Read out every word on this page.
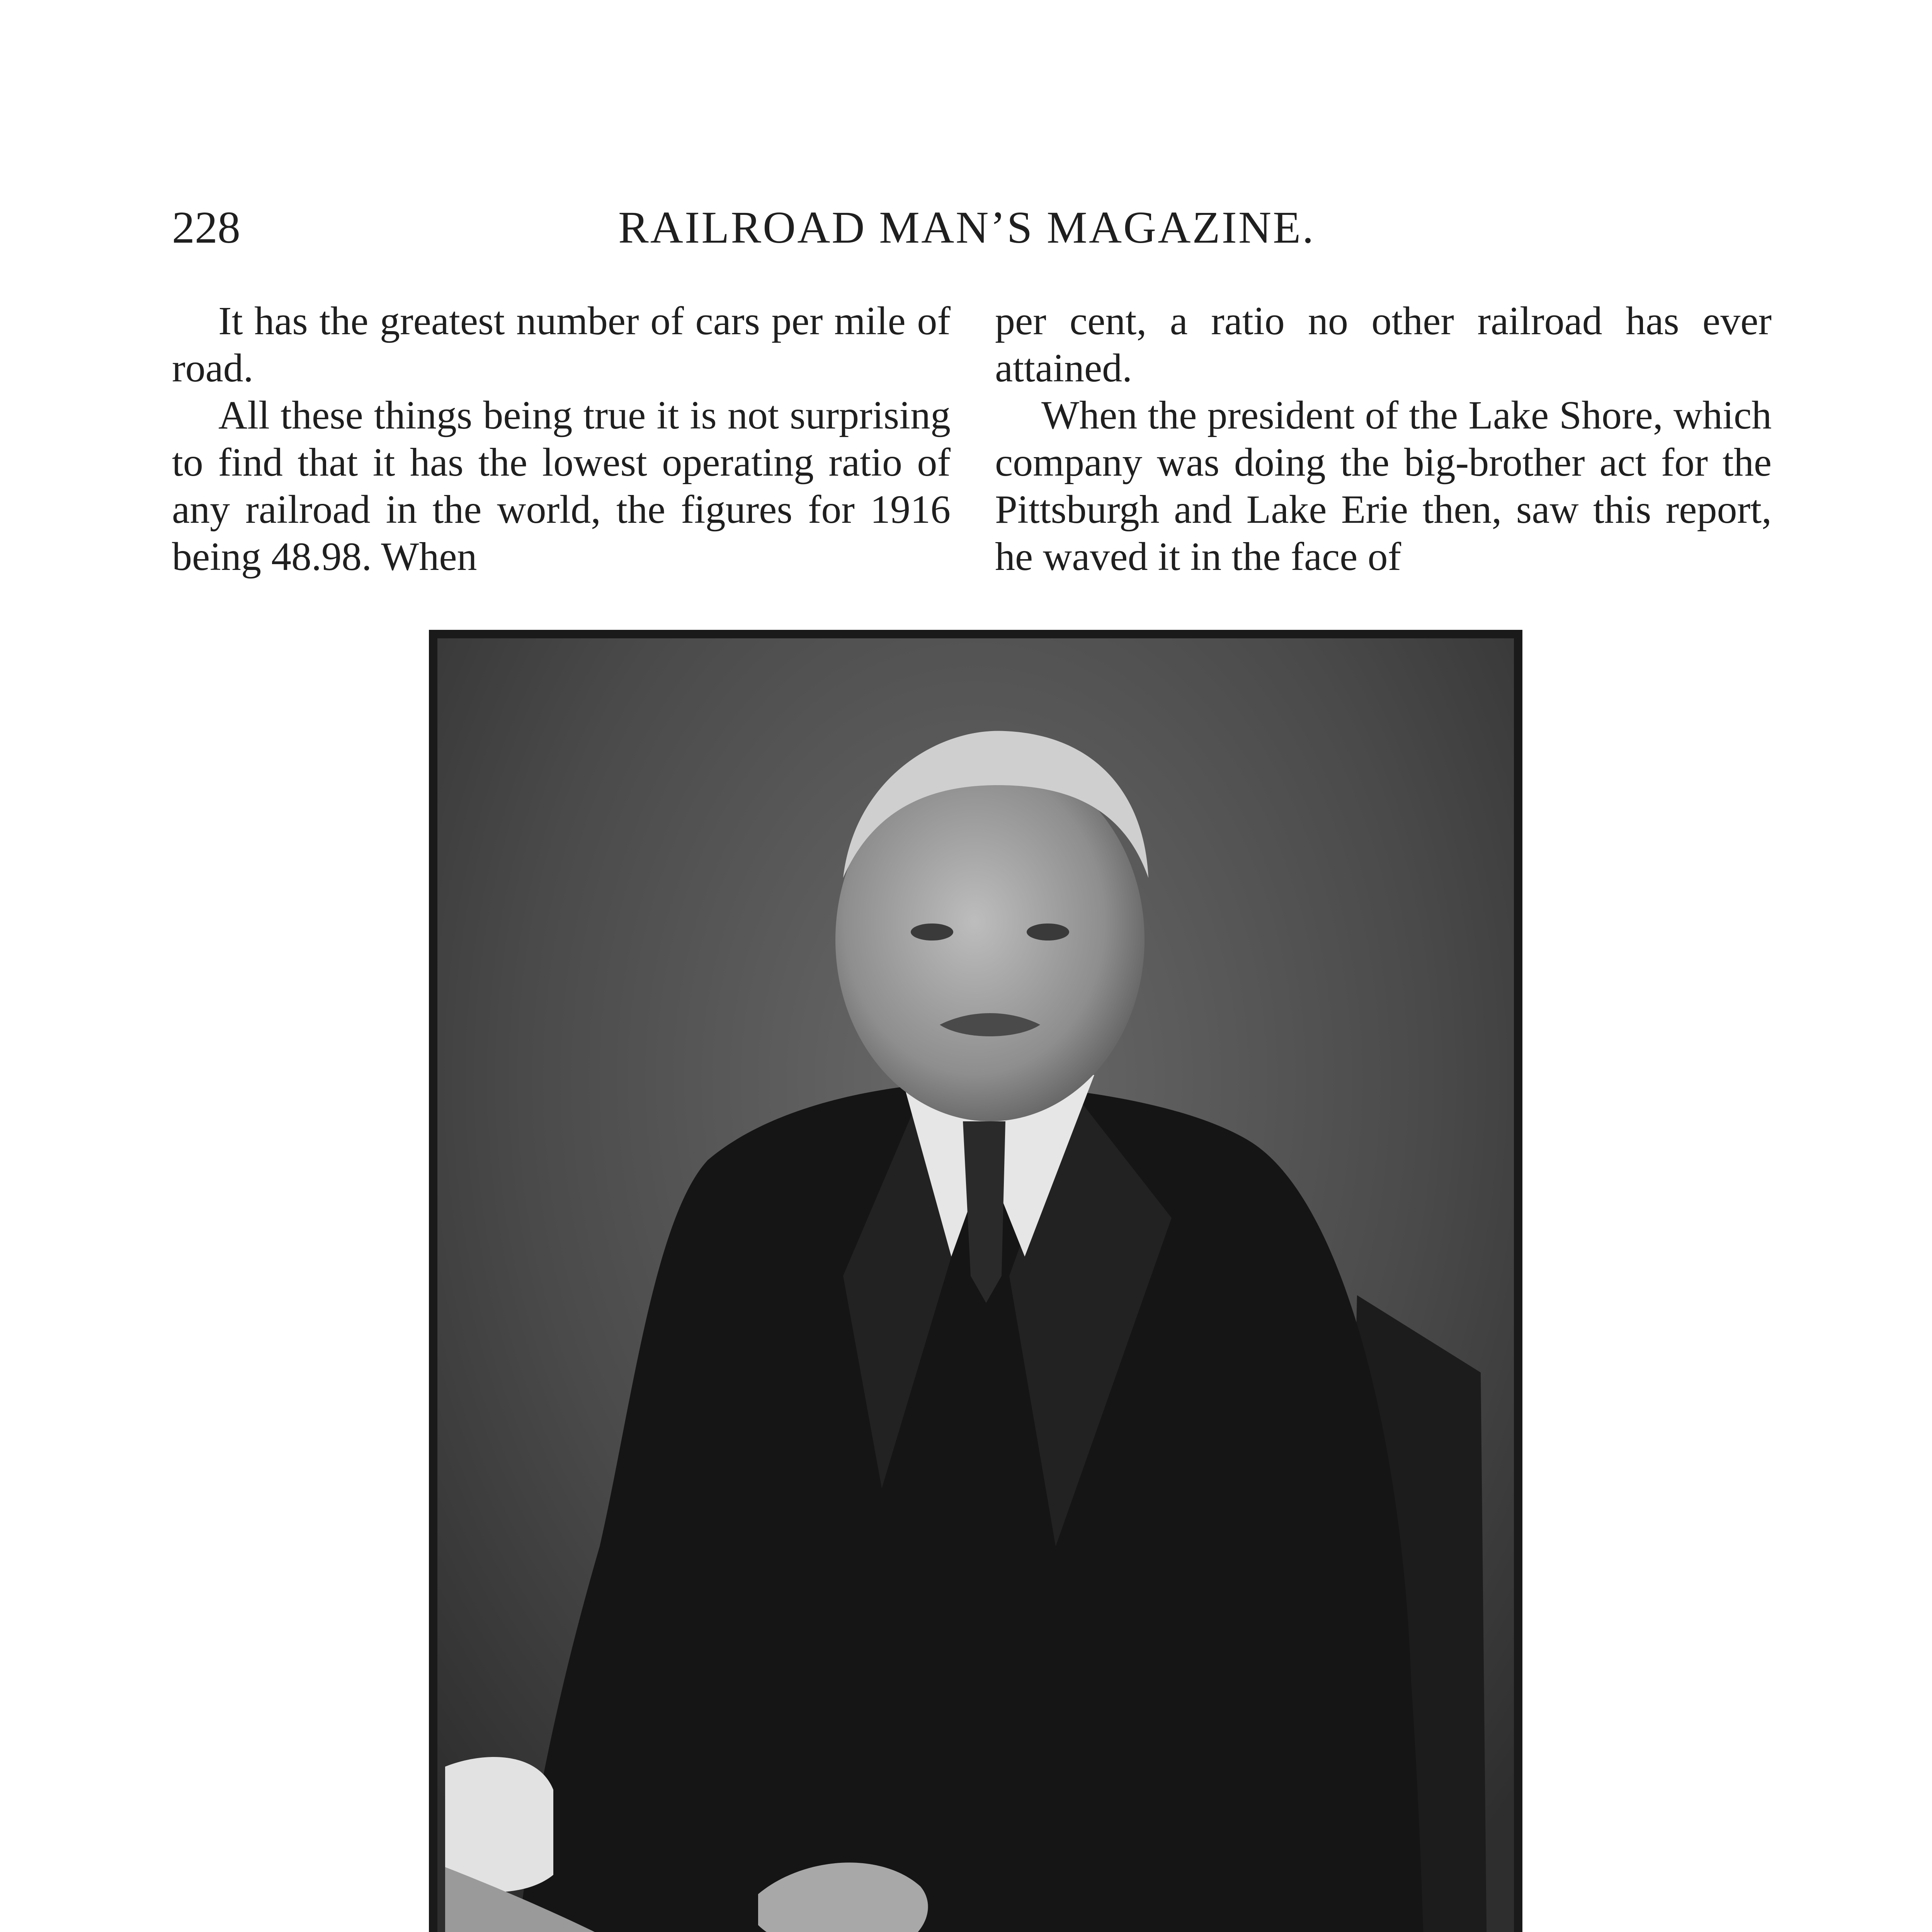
228	RAILROAD MAN’S MAGAZINE.

It has the greatest number of cars per mile of road.

All these things being true it is not surprising to find that it has the lowest operating ratio of any railroad in the world, the figures for 1916 being 48.98. When

per cent, a ratio no other railroad has ever attained.

When the president of the Lake Shore, which company was doing the big-brother act for the Pittsburgh and Lake Erie then, saw this report, he waved it in the face of
